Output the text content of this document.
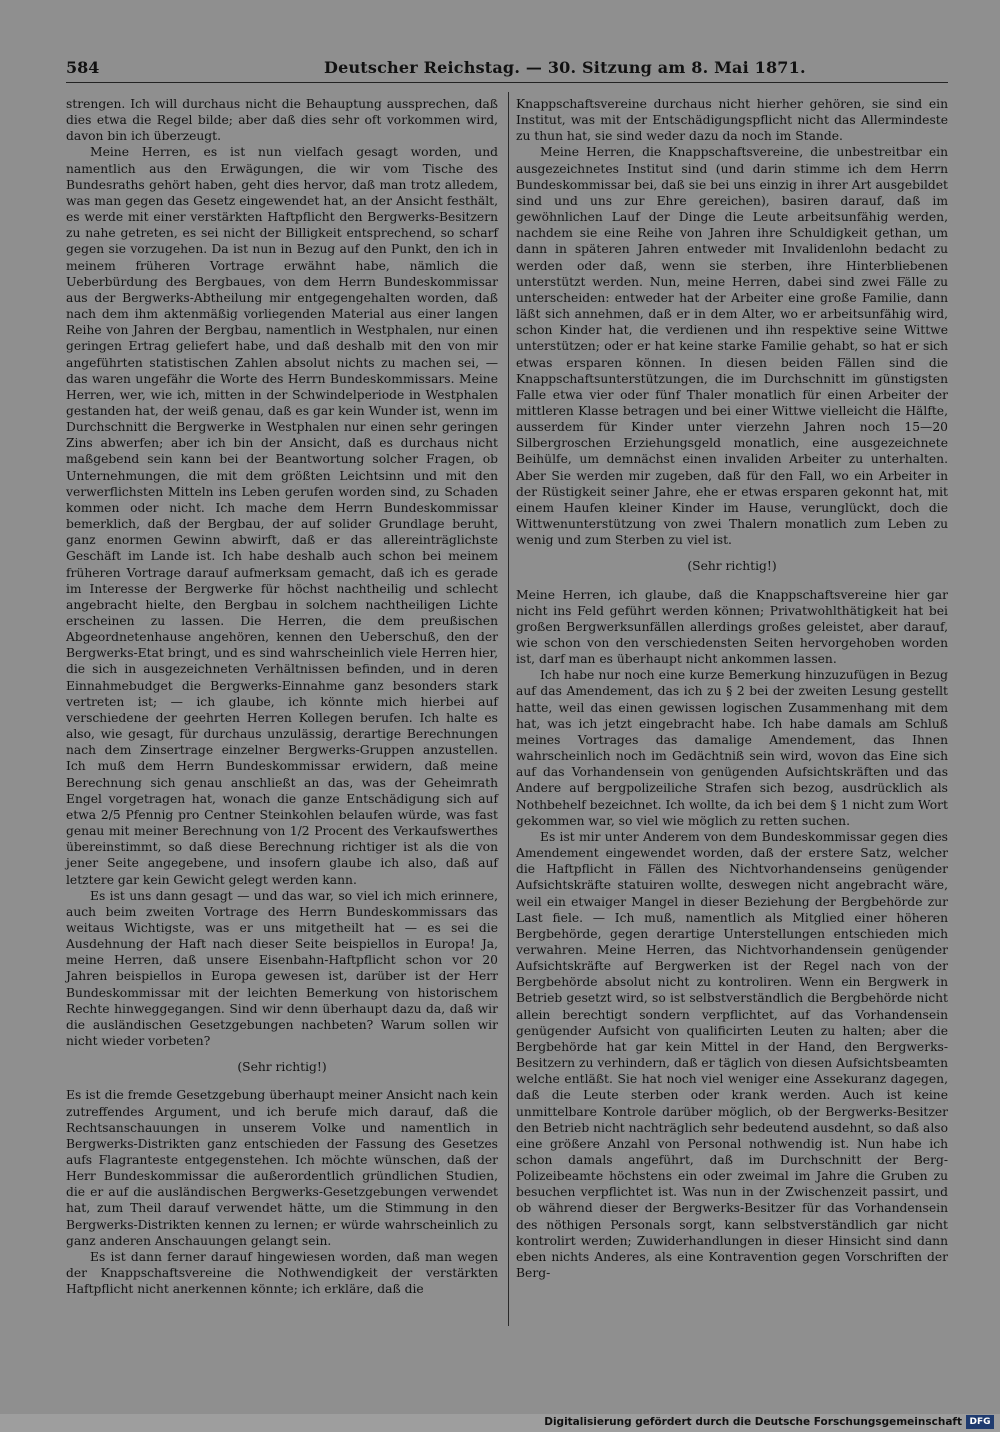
584	Deutscher Reichstag. — 30. Sitzung am 8. Mai 1871.

strengen. Ich will durchaus nicht die Behauptung aussprechen, daß dies etwa die Regel bilde; aber daß dies sehr oft vorkommen wird, davon bin ich überzeugt.

Meine Herren, es ist nun vielfach gesagt worden, und namentlich aus den Erwägungen, die wir vom Tische des Bundesraths gehört haben, geht dies hervor, daß man trotz alledem, was man gegen das Gesetz eingewendet hat, an der Ansicht festhält, es werde mit einer verstärkten Haftpflicht den Bergwerks-Besitzern zu nahe getreten, es sei nicht der Billigkeit entsprechend, so scharf gegen sie vorzugehen. Da ist nun in Bezug auf den Punkt, den ich in meinem früheren Vortrage erwähnt habe, nämlich die Ueberbürdung des Bergbaues, von dem Herrn Bundeskommissar aus der Bergwerks-Abtheilung mir entgegengehalten worden, daß nach dem ihm aktenmäßig vorliegenden Material aus einer langen Reihe von Jahren der Bergbau, namentlich in Westphalen, nur einen geringen Ertrag geliefert habe, und daß deshalb mit den von mir angeführten statistischen Zahlen absolut nichts zu machen sei, — das waren ungefähr die Worte des Herrn Bundeskommissars. Meine Herren, wer, wie ich, mitten in der Schwindelperiode in Westphalen gestanden hat, der weiß genau, daß es gar kein Wunder ist, wenn im Durchschnitt die Bergwerke in Westphalen nur einen sehr geringen Zins abwerfen; aber ich bin der Ansicht, daß es durchaus nicht maßgebend sein kann bei der Beantwortung solcher Fragen, ob Unternehmungen, die mit dem größten Leichtsinn und mit den verwerflichsten Mitteln ins Leben gerufen worden sind, zu Schaden kommen oder nicht. Ich mache dem Herrn Bundeskommissar bemerklich, daß der Bergbau, der auf solider Grundlage beruht, ganz enormen Gewinn abwirft, daß er das allereinträglichste Geschäft im Lande ist. Ich habe deshalb auch schon bei meinem früheren Vortrage darauf aufmerksam gemacht, daß ich es gerade im Interesse der Bergwerke für höchst nachtheilig und schlecht angebracht hielte, den Bergbau in solchem nachtheiligen Lichte erscheinen zu lassen. Die Herren, die dem preußischen Abgeordnetenhause angehören, kennen den Ueberschuß, den der Bergwerks-Etat bringt, und es sind wahrscheinlich viele Herren hier, die sich in ausgezeichneten Verhältnissen befinden, und in deren Einnahmebudget die Bergwerks-Einnahme ganz besonders stark vertreten ist; — ich glaube, ich könnte mich hierbei auf verschiedene der geehrten Herren Kollegen berufen. Ich halte es also, wie gesagt, für durchaus unzulässig, derartige Berechnungen nach dem Zinsertrage einzelner Bergwerks-Gruppen anzustellen. Ich muß dem Herrn Bundeskommissar erwidern, daß meine Berechnung sich genau anschließt an das, was der Geheimrath Engel vorgetragen hat, wonach die ganze Entschädigung sich auf etwa 2/5 Pfennig pro Centner Steinkohlen belaufen würde, was fast genau mit meiner Berechnung von 1/2 Procent des Verkaufswerthes übereinstimmt, so daß diese Berechnung richtiger ist als die von jener Seite angegebene, und insofern glaube ich also, daß auf letztere gar kein Gewicht gelegt werden kann.

Es ist uns dann gesagt — und das war, so viel ich mich erinnere, auch beim zweiten Vortrage des Herrn Bundeskommissars das weitaus Wichtigste, was er uns mitgetheilt hat — es sei die Ausdehnung der Haft nach dieser Seite beispiellos in Europa! Ja, meine Herren, daß unsere Eisenbahn-Haftpflicht schon vor 20 Jahren beispiellos in Europa gewesen ist, darüber ist der Herr Bundeskommissar mit der leichten Bemerkung von historischem Rechte hinweggegangen. Sind wir denn überhaupt dazu da, daß wir die ausländischen Gesetzgebungen nachbeten? Warum sollen wir nicht wieder vorbeten?

(Sehr richtig!)

Es ist die fremde Gesetzgebung überhaupt meiner Ansicht nach kein zutreffendes Argument, und ich berufe mich darauf, daß die Rechtsanschauungen in unserem Volke und namentlich in Bergwerks-Distrikten ganz entschieden der Fassung des Gesetzes aufs Flagranteste entgegenstehen. Ich möchte wünschen, daß der Herr Bundeskommissar die außerordentlich gründlichen Studien, die er auf die ausländischen Bergwerks-Gesetzgebungen verwendet hat, zum Theil darauf verwendet hätte, um die Stimmung in den Bergwerks-Distrikten kennen zu lernen; er würde wahrscheinlich zu ganz anderen Anschauungen gelangt sein.

Es ist dann ferner darauf hingewiesen worden, daß man wegen der Knappschaftsvereine die Nothwendigkeit der verstärkten Haftpflicht nicht anerkennen könnte; ich erkläre, daß die

Knappschaftsvereine durchaus nicht hierher gehören, sie sind ein Institut, was mit der Entschädigungspflicht nicht das Allermindeste zu thun hat, sie sind weder dazu da noch im Stande.

Meine Herren, die Knappschaftsvereine, die unbestreitbar ein ausgezeichnetes Institut sind (und darin stimme ich dem Herrn Bundeskommissar bei, daß sie bei uns einzig in ihrer Art ausgebildet sind und uns zur Ehre gereichen), basiren darauf, daß im gewöhnlichen Lauf der Dinge die Leute arbeitsunfähig werden, nachdem sie eine Reihe von Jahren ihre Schuldigkeit gethan, um dann in späteren Jahren entweder mit Invalidenlohn bedacht zu werden oder daß, wenn sie sterben, ihre Hinterbliebenen unterstützt werden. Nun, meine Herren, dabei sind zwei Fälle zu unterscheiden: entweder hat der Arbeiter eine große Familie, dann läßt sich annehmen, daß er in dem Alter, wo er arbeitsunfähig wird, schon Kinder hat, die verdienen und ihn respektive seine Wittwe unterstützen; oder er hat keine starke Familie gehabt, so hat er sich etwas ersparen können. In diesen beiden Fällen sind die Knappschaftsunterstützungen, die im Durchschnitt im günstigsten Falle etwa vier oder fünf Thaler monatlich für einen Arbeiter der mittleren Klasse betragen und bei einer Wittwe vielleicht die Hälfte, ausserdem für Kinder unter vierzehn Jahren noch 15—20 Silbergroschen Erziehungsgeld monatlich, eine ausgezeichnete Beihülfe, um demnächst einen invaliden Arbeiter zu unterhalten. Aber Sie werden mir zugeben, daß für den Fall, wo ein Arbeiter in der Rüstigkeit seiner Jahre, ehe er etwas ersparen gekonnt hat, mit einem Haufen kleiner Kinder im Hause, verunglückt, doch die Wittwenunterstützung von zwei Thalern monatlich zum Leben zu wenig und zum Sterben zu viel ist.

(Sehr richtig!)

Meine Herren, ich glaube, daß die Knappschaftsvereine hier gar nicht ins Feld geführt werden können; Privatwohlthätigkeit hat bei großen Bergwerksunfällen allerdings großes geleistet, aber darauf, wie schon von den verschiedensten Seiten hervorgehoben worden ist, darf man es überhaupt nicht ankommen lassen.

Ich habe nur noch eine kurze Bemerkung hinzuzufügen in Bezug auf das Amendement, das ich zu § 2 bei der zweiten Lesung gestellt hatte, weil das einen gewissen logischen Zusammenhang mit dem hat, was ich jetzt eingebracht habe. Ich habe damals am Schluß meines Vortrages das damalige Amendement, das Ihnen wahrscheinlich noch im Gedächtniß sein wird, wovon das Eine sich auf das Vorhandensein von genügenden Aufsichtskräften und das Andere auf bergpolizeiliche Strafen sich bezog, ausdrücklich als Nothbehelf bezeichnet. Ich wollte, da ich bei dem § 1 nicht zum Wort gekommen war, so viel wie möglich zu retten suchen.

Es ist mir unter Anderem von dem Bundeskommissar gegen dies Amendement eingewendet worden, daß der erstere Satz, welcher die Haftpflicht in Fällen des Nichtvorhandenseins genügender Aufsichtskräfte statuiren wollte, deswegen nicht angebracht wäre, weil ein etwaiger Mangel in dieser Beziehung der Bergbehörde zur Last fiele. — Ich muß, namentlich als Mitglied einer höheren Bergbehörde, gegen derartige Unterstellungen entschieden mich verwahren. Meine Herren, das Nichtvorhandensein genügender Aufsichtskräfte auf Bergwerken ist der Regel nach von der Bergbehörde absolut nicht zu kontroliren. Wenn ein Bergwerk in Betrieb gesetzt wird, so ist selbstverständlich die Bergbehörde nicht allein berechtigt sondern verpflichtet, auf das Vorhandensein genügender Aufsicht von qualificirten Leuten zu halten; aber die Bergbehörde hat gar kein Mittel in der Hand, den Bergwerks-Besitzern zu verhindern, daß er täglich von diesen Aufsichtsbeamten welche entläßt. Sie hat noch viel weniger eine Assekuranz dagegen, daß die Leute sterben oder krank werden. Auch ist keine unmittelbare Kontrole darüber möglich, ob der Bergwerks-Besitzer den Betrieb nicht nachträglich sehr bedeutend ausdehnt, so daß also eine größere Anzahl von Personal nothwendig ist. Nun habe ich schon damals angeführt, daß im Durchschnitt der Berg-Polizeibeamte höchstens ein oder zweimal im Jahre die Gruben zu besuchen verpflichtet ist. Was nun in der Zwischenzeit passirt, und ob während dieser der Bergwerks-Besitzer für das Vorhandensein des nöthigen Personals sorgt, kann selbstverständlich gar nicht kontrolirt werden; Zuwiderhandlungen in dieser Hinsicht sind dann eben nichts Anderes, als eine Kontravention gegen Vorschriften der Berg-

Digitalisierung gefördert durch die Deutsche Forschungsgemeinschaft DFG
